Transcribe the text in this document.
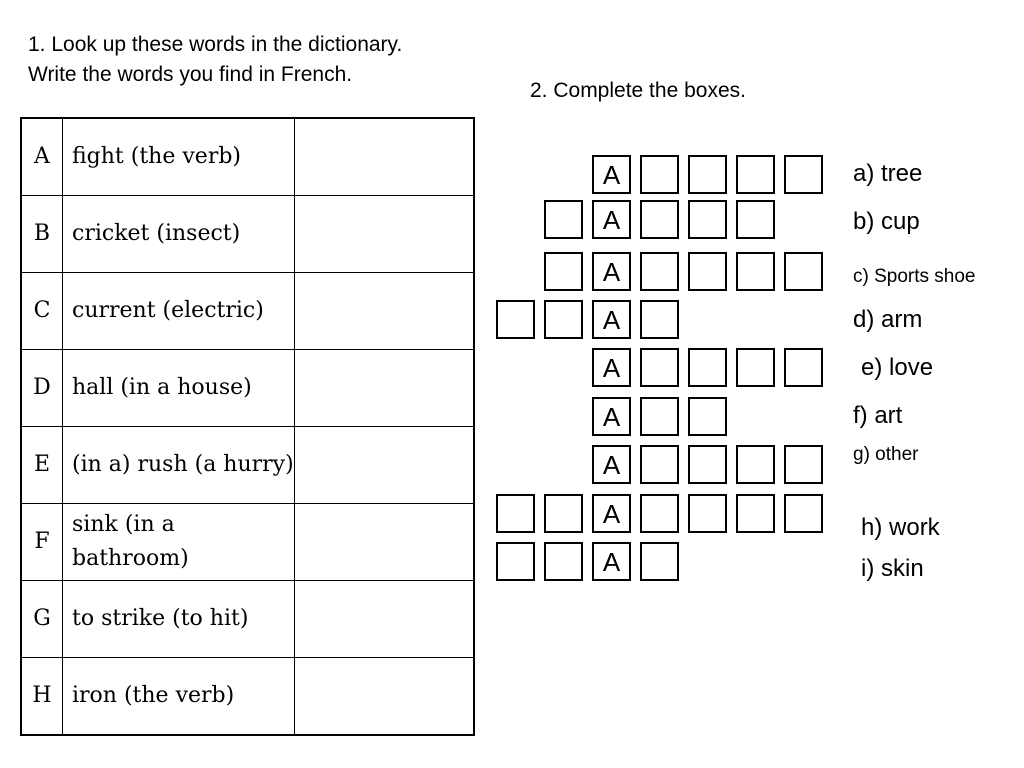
1. Look up these words in the dictionary.
Write the words you find in French.
2. Complete the boxes.
A	fight (the verb)	
B	cricket (insect)	
C	current (electric)	
D	hall (in a house)	
E	(in a) rush (a hurry)	
F	sink (in a bathroom)	
G	to strike (to hit)	
H	iron (the verb)	
A	a) tree
A	b) cup
A	c) Sports shoe
A	d) arm
A	e) love
A	f) art
A	g) other
A	h) work
A	i) skin
